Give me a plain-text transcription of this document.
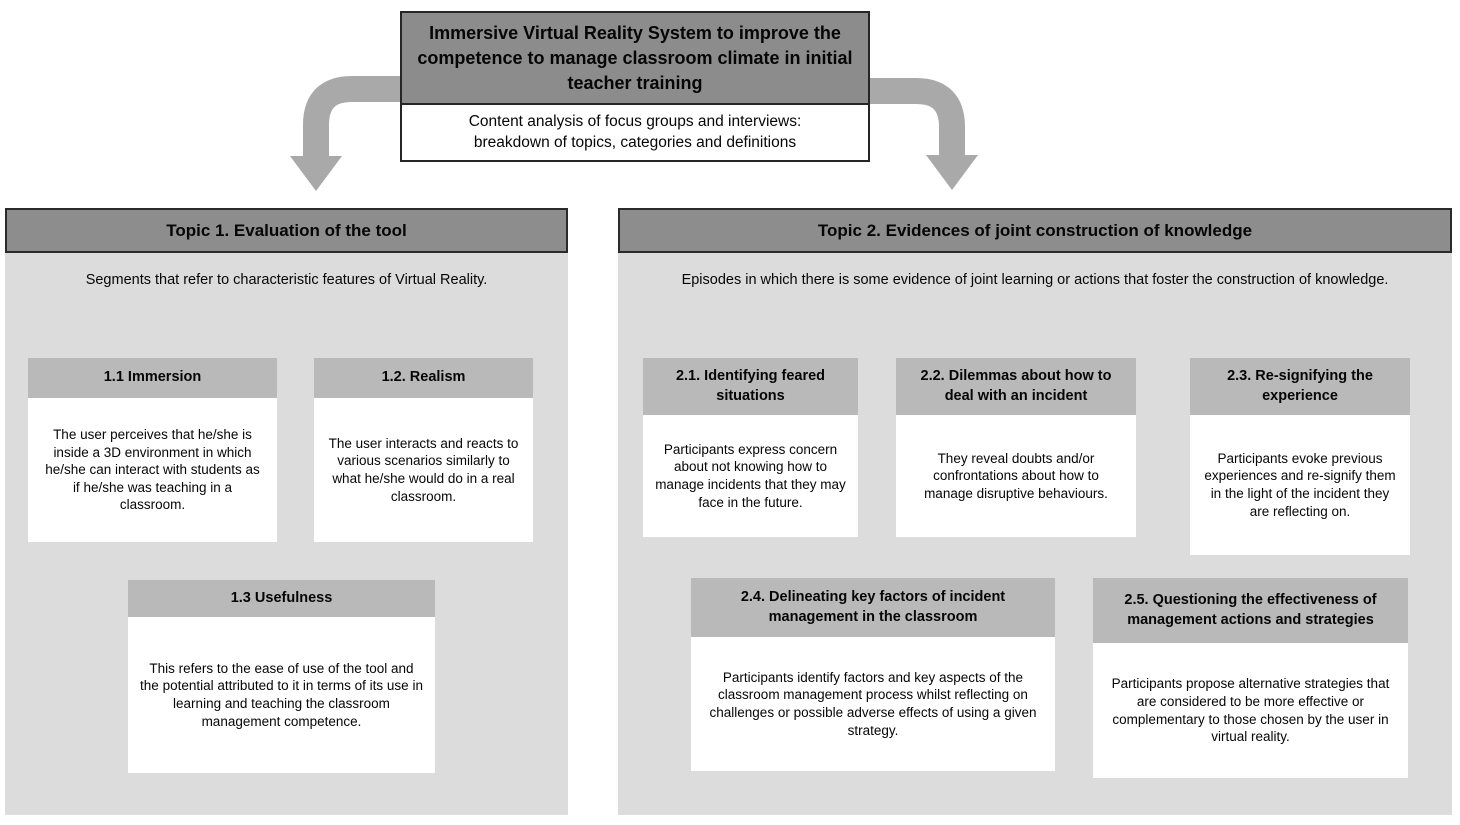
Immersive Virtual Reality System to improve the competence to manage classroom climate in initial teacher training
Content analysis of focus groups and interviews: breakdown of topics, categories and definitions
Topic 1. Evaluation of the tool

Segments that refer to characteristic features of Virtual Reality.

1.1 Immersion

The user perceives that he/she is inside a 3D environment in which he/she can interact with students as if he/she was teaching in a classroom.

1.2. Realism

The user interacts and reacts to various scenarios similarly to what he/she would do in a real classroom.

1.3 Usefulness

This refers to the ease of use of the tool and the potential attributed to it in terms of its use in learning and teaching the classroom management competence.

Topic 2. Evidences of joint construction of knowledge

Episodes in which there is some evidence of joint learning or actions that foster the construction of knowledge.

2.1. Identifying feared situations

Participants express concern about not knowing how to manage incidents that they may face in the future.

2.2. Dilemmas about how to deal with an incident

They reveal doubts and/or confrontations about how to manage disruptive behaviours.

2.3. Re-signifying the experience

Participants evoke previous experiences and re-signify them in the light of the incident they are reflecting on.

2.4. Delineating key factors of incident management in the classroom

Participants identify factors and key aspects of the classroom management process whilst reflecting on challenges or possible adverse effects of using a given strategy.

2.5. Questioning the effectiveness of management actions and strategies

Participants propose alternative strategies that are considered to be more effective or complementary to those chosen by the user in virtual reality.
